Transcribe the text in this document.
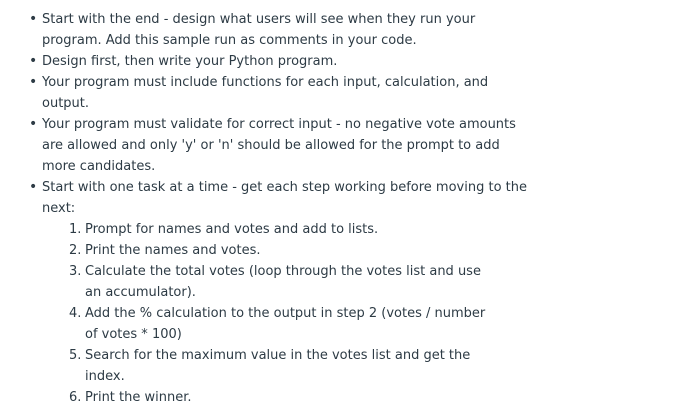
• Start with the end - design what users will see when they run your program. Add this sample run as comments in your code.
• Design first, then write your Python program.
• Your program must include functions for each input, calculation, and output.
• Your program must validate for correct input - no negative vote amounts are allowed and only 'y' or 'n' should be allowed for the prompt to add more candidates.
• Start with one task at a time - get each step working before moving to the next:
1. Prompt for names and votes and add to lists.
2. Print the names and votes.
3. Calculate the total votes (loop through the votes list and use an accumulator).
4. Add the % calculation to the output in step 2 (votes / number of votes * 100)
5. Search for the maximum value in the votes list and get the index.
6. Print the winner.
